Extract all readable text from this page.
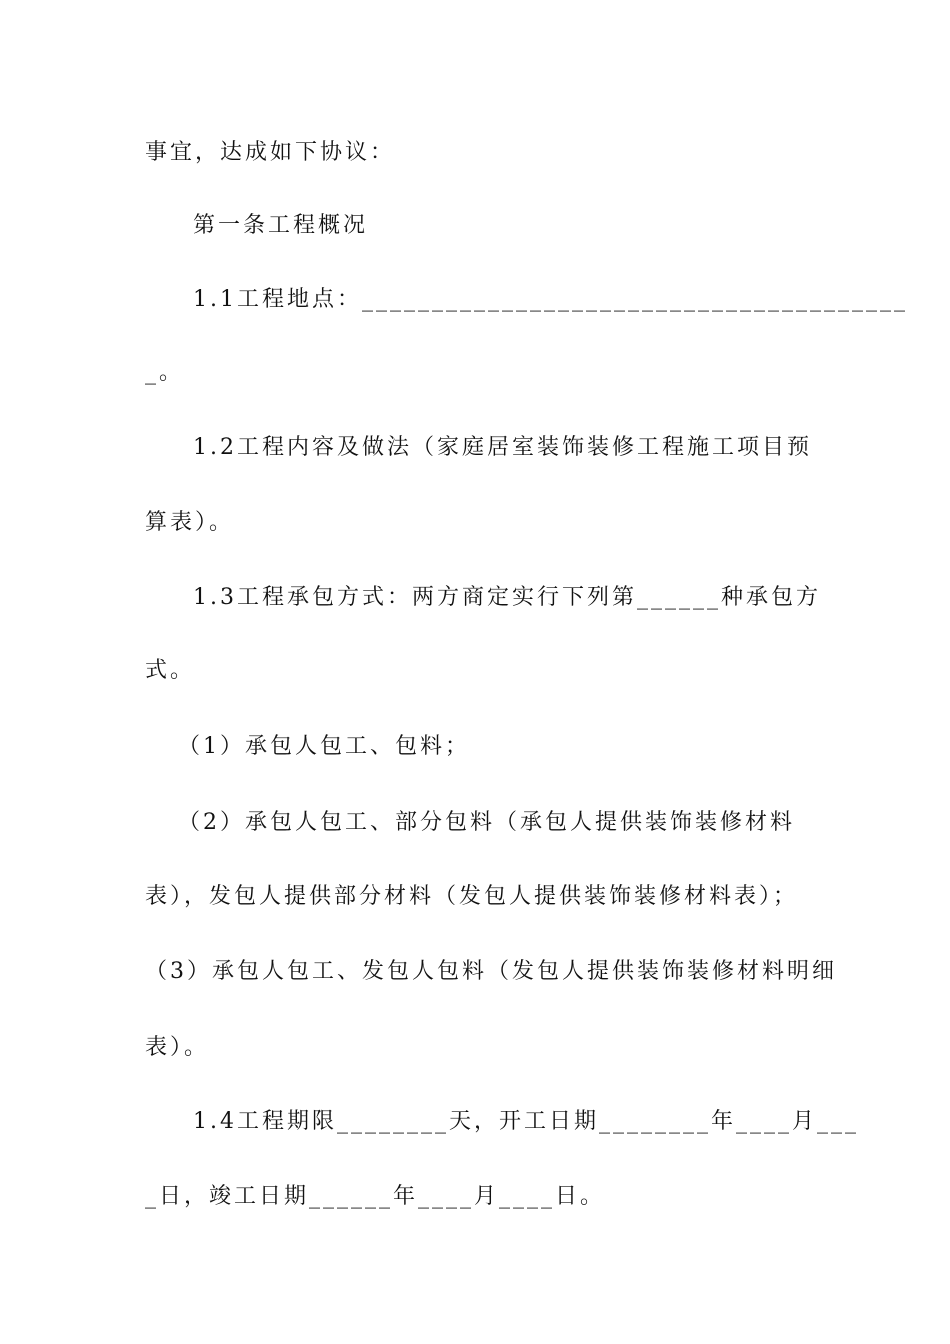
事宜，达成如下协议：
第一条工程概况
1.1工程地点：_______________________________________
_。
1.2工程内容及做法（家庭居室装饰装修工程施工项目预
算表）。
1.3工程承包方式：两方商定实行下列第______种承包方
式。
（1）承包人包工、包料；
（2）承包人包工、部分包料（承包人提供装饰装修材料
表），发包人提供部分材料（发包人提供装饰装修材料表）；
（3）承包人包工、发包人包料（发包人提供装饰装修材料明细
表）。
1.4工程期限________天，开工日期________年____月___
_日，竣工日期______年____月____日。
